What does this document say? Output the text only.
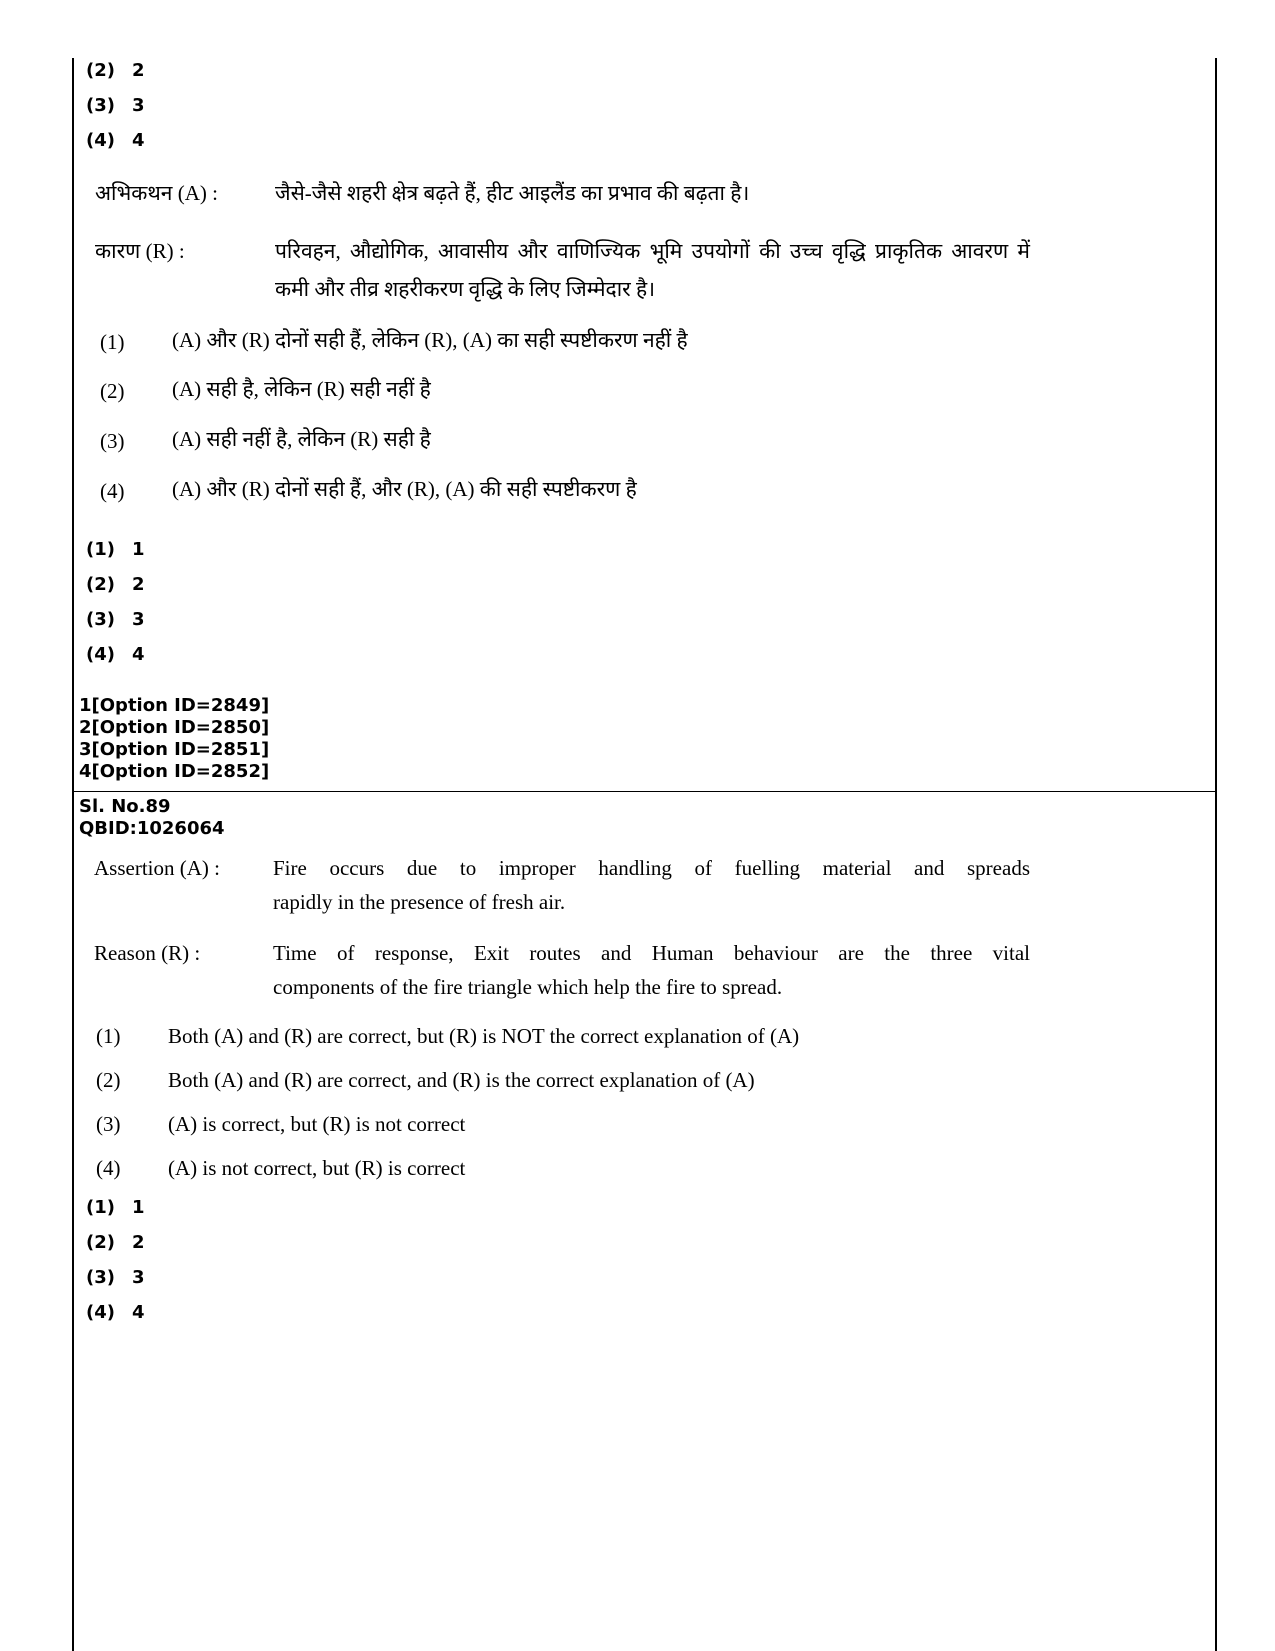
(2) 2
(3) 3
(4) 4
अभिकथन (A) :	जैसे-जैसे शहरी क्षेत्र बढ़ते हैं, हीट आइलैंड का प्रभाव की बढ़ता है।
कारण (R) :	परिवहन, औद्योगिक, आवासीय और वाणिज्यिक भूमि उपयोगों की उच्च वृद्धि प्राकृतिक आवरण में
कमी और तीव्र शहरीकरण वृद्धि के लिए जिम्मेदार है।
(1) (A) और (R) दोनों सही हैं, लेकिन (R), (A) का सही स्पष्टीकरण नहीं है
(2) (A) सही है, लेकिन (R) सही नहीं है
(3) (A) सही नहीं है, लेकिन (R) सही है
(4) (A) और (R) दोनों सही हैं, और (R), (A) की सही स्पष्टीकरण है
(1) 1
(2) 2
(3) 3
(4) 4
1[Option ID=2849]
2[Option ID=2850]
3[Option ID=2851]
4[Option ID=2852]
Sl. No.89
QBID:1026064
Assertion (A) :	Fire occurs due to improper handling of fuelling material and spreads
rapidly in the presence of fresh air.
Reason (R) :	Time of response, Exit routes and Human behaviour are the three vital
components of the fire triangle which help the fire to spread.
(1) Both (A) and (R) are correct, but (R) is NOT the correct explanation of (A)
(2) Both (A) and (R) are correct, and (R) is the correct explanation of (A)
(3) (A) is correct, but (R) is not correct
(4) (A) is not correct, but (R) is correct
(1) 1
(2) 2
(3) 3
(4) 4
